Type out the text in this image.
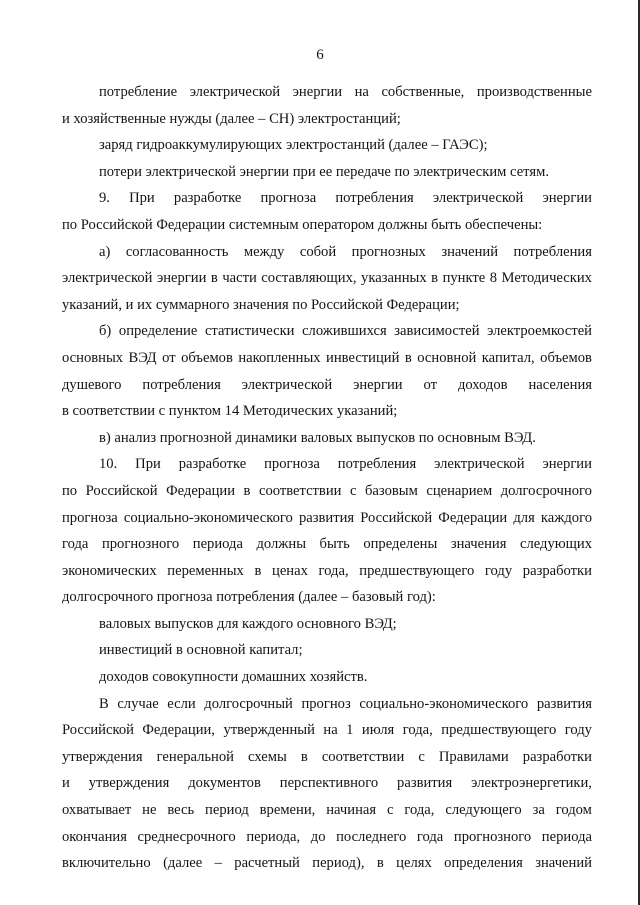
6
потребление электрической энергии на собственные, производственные
и хозяйственные нужды (далее – СН) электростанций;
заряд гидроаккумулирующих электростанций (далее – ГАЭС);
потери электрической энергии при ее передаче по электрическим сетям.
9. При разработке прогноза потребления электрической энергии
по Российской Федерации системным оператором должны быть обеспечены:
а) согласованность между собой прогнозных значений потребления
электрической энергии в части составляющих, указанных в пункте 8 Методических
указаний, и их суммарного значения по Российской Федерации;
б) определение статистически сложившихся зависимостей электроемкостей
основных ВЭД от объемов накопленных инвестиций в основной капитал, объемов
душевого потребления электрической энергии от доходов населения
в соответствии с пунктом 14 Методических указаний;
в) анализ прогнозной динамики валовых выпусков по основным ВЭД.
10. При разработке прогноза потребления электрической энергии
по Российской Федерации в соответствии с базовым сценарием долгосрочного
прогноза социально-экономического развития Российской Федерации для каждого
года прогнозного периода должны быть определены значения следующих
экономических переменных в ценах года, предшествующего году разработки
долгосрочного прогноза потребления (далее – базовый год):
валовых выпусков для каждого основного ВЭД;
инвестиций в основной капитал;
доходов совокупности домашних хозяйств.
В случае если долгосрочный прогноз социально-экономического развития
Российской Федерации, утвержденный на 1 июля года, предшествующего году
утверждения генеральной схемы в соответствии с Правилами разработки
и утверждения документов перспективного развития электроэнергетики,
охватывает не весь период времени, начиная с года, следующего за годом
окончания среднесрочного периода, до последнего года прогнозного периода
включительно (далее – расчетный период), в целях определения значений
